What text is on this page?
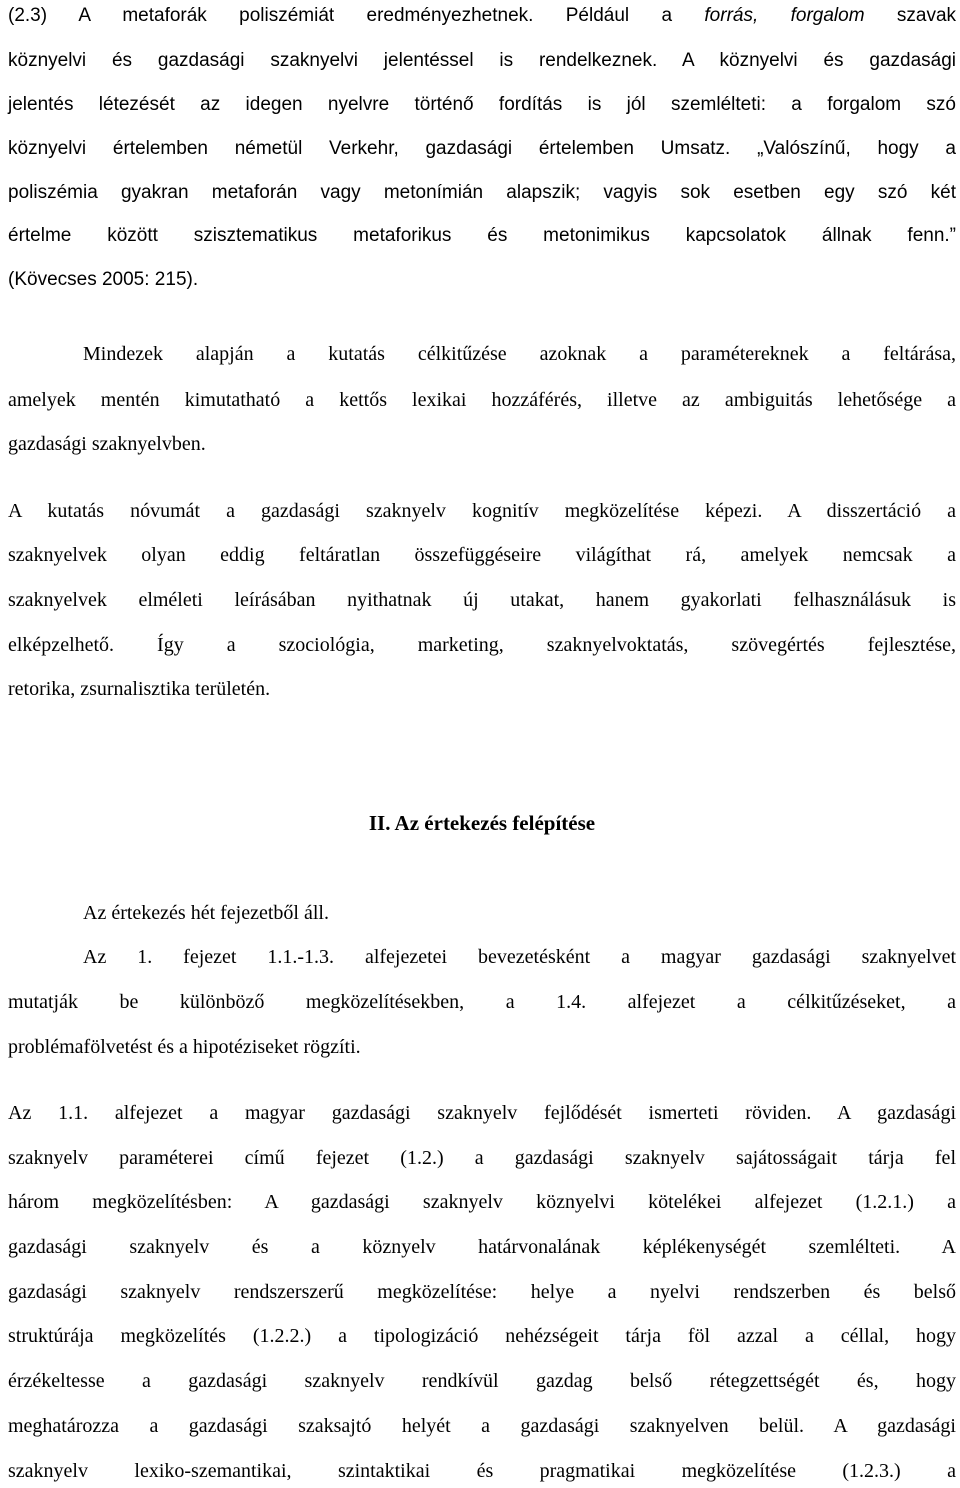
(2.3) A metaforák poliszémiát eredményezhetnek. Például a forrás, forgalom szavak
köznyelvi és gazdasági szaknyelvi jelentéssel is rendelkeznek. A köznyelvi és gazdasági
jelentés létezését az idegen nyelvre történő fordítás is jól szemlélteti: a forgalom szó
köznyelvi értelemben németül Verkehr, gazdasági értelemben Umsatz. „Valószínű, hogy a
poliszémia gyakran metaforán vagy metonímián alapszik; vagyis sok esetben egy szó két
értelme között szisztematikus metaforikus és metonimikus kapcsolatok állnak fenn.”
(Kövecses 2005: 215).
Mindezek alapján a kutatás célkitűzése azoknak a paramétereknek a feltárása,
amelyek mentén kimutatható a kettős lexikai hozzáférés, illetve az ambiguitás lehetősége a
gazdasági szaknyelvben.
A kutatás nóvumát a gazdasági szaknyelv kognitív megközelítése képezi. A disszertáció a
szaknyelvek olyan eddig feltáratlan összefüggéseire világíthat rá, amelyek nemcsak a
szaknyelvek elméleti leírásában nyithatnak új utakat, hanem gyakorlati felhasználásuk is
elképzelhető. Így a szociológia, marketing, szaknyelvoktatás, szövegértés fejlesztése,
retorika, zsurnalisztika területén.
II. Az értekezés felépítése
Az értekezés hét fejezetből áll.
Az 1. fejezet 1.1.-1.3. alfejezetei bevezetésként a magyar gazdasági szaknyelvet
mutatják be különböző megközelítésekben, a 1.4. alfejezet a célkitűzéseket, a
problémafölvetést és a hipotéziseket rögzíti.
Az 1.1. alfejezet a magyar gazdasági szaknyelv fejlődését ismerteti röviden. A gazdasági
szaknyelv paraméterei című fejezet (1.2.) a gazdasági szaknyelv sajátosságait tárja fel
három megközelítésben: A gazdasági szaknyelv köznyelvi kötelékei alfejezet (1.2.1.) a
gazdasági szaknyelv és a köznyelv határvonalának képlékenységét szemlélteti. A
gazdasági szaknyelv rendszerszerű megközelítése: helye a nyelvi rendszerben és belső
struktúrája megközelítés (1.2.2.) a tipologizáció nehézségeit tárja föl azzal a céllal, hogy
érzékeltesse a gazdasági szaknyelv rendkívül gazdag belső rétegzettségét és, hogy
meghatározza a gazdasági szaksajtó helyét a gazdasági szaknyelven belül. A gazdasági
szaknyelv lexiko-szemantikai, szintaktikai és pragmatikai megközelítése (1.2.3.) a
